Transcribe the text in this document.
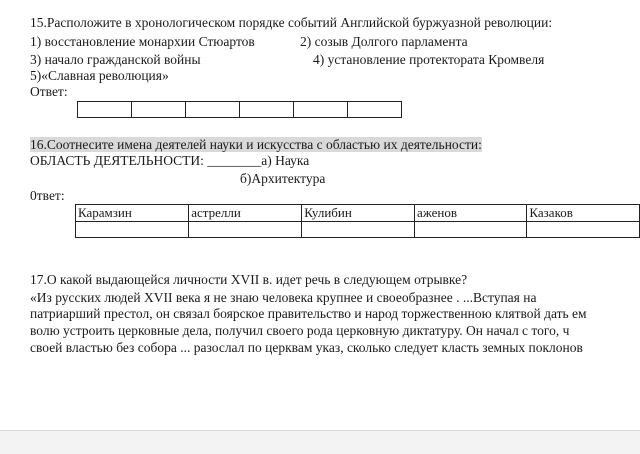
15.Расположите в хронологическом порядке событий Английской буржуазной революции:
1) восстановление монархии Стюартов	2) созыв Долгого парламента
3) начало гражданской войны	4) установление протектората Кромвеля
5)«Славная революция»
Ответ:

16.Соотнесите имена деятелей науки и искусства с областью их деятельности:
ОБЛАСТЬ ДЕЯТЕЛЬНОСТИ: ________а) Наука
б)Архитектура
0твет:
Карамзин	астрелли	Кулибин	аженов	Казаков

17.О какой выдающейся личности XVII в. идет речь в следующем отрывке?
«Из русских людей XVII века я не знаю человека крупнее и своеобразнее . ...Вступая на
патриарший престол, он связал боярское правительство и народ торжественною клятвой дать ем
волю устроить церковные дела, получил своего рода церковную диктатуру. Он начал с того, ч
своей властью без собора ... разослал по церквам указ, сколько следует класть земных поклонов
